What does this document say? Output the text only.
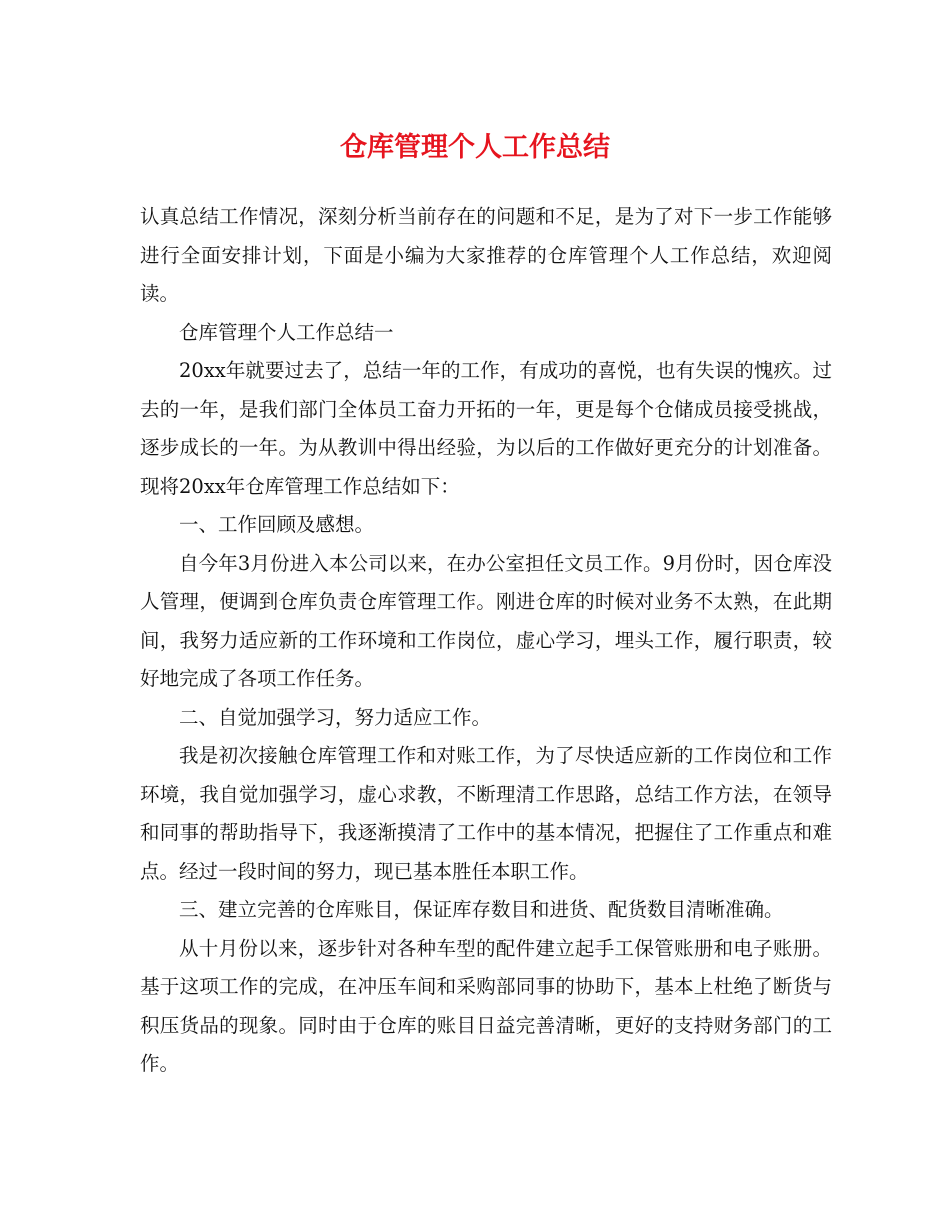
仓库管理个人工作总结

认真总结工作情况，深刻分析当前存在的问题和不足，是为了对下一步工作能够进行全面安排计划，下面是小编为大家推荐的仓库管理个人工作总结，欢迎阅读。

仓库管理个人工作总结一

20xx年就要过去了，总结一年的工作，有成功的喜悦，也有失误的愧疚。过去的一年，是我们部门全体员工奋力开拓的一年，更是每个仓储成员接受挑战，逐步成长的一年。为从教训中得出经验，为以后的工作做好更充分的计划准备。现将20xx年仓库管理工作总结如下：

一、工作回顾及感想。

自今年3月份进入本公司以来，在办公室担任文员工作。9月份时，因仓库没人管理，便调到仓库负责仓库管理工作。刚进仓库的时候对业务不太熟，在此期间，我努力适应新的工作环境和工作岗位，虚心学习，埋头工作，履行职责，较好地完成了各项工作任务。

二、自觉加强学习，努力适应工作。

我是初次接触仓库管理工作和对账工作，为了尽快适应新的工作岗位和工作环境，我自觉加强学习，虚心求教，不断理清工作思路，总结工作方法，在领导和同事的帮助指导下，我逐渐摸清了工作中的基本情况，把握住了工作重点和难点。经过一段时间的努力，现已基本胜任本职工作。

三、建立完善的仓库账目，保证库存数目和进货、配货数目清晰准确。

从十月份以来，逐步针对各种车型的配件建立起手工保管账册和电子账册。基于这项工作的完成，在冲压车间和采购部同事的协助下，基本上杜绝了断货与积压货品的现象。同时由于仓库的账目日益完善清晰，更好的支持财务部门的工作。
